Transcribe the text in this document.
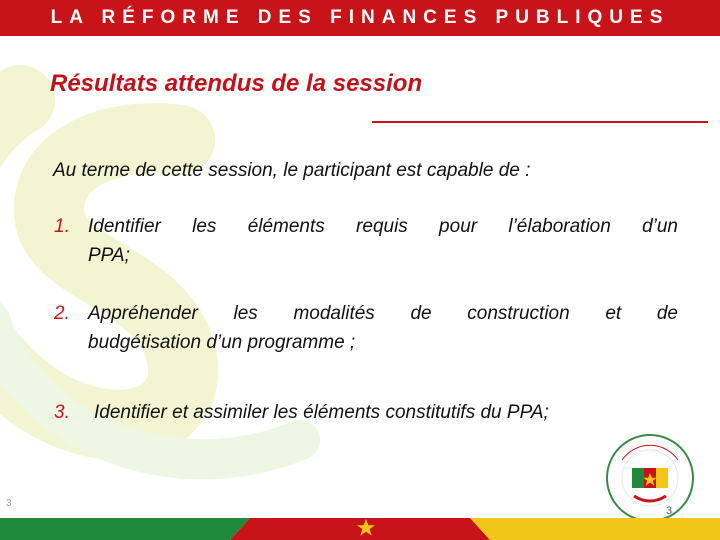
LA RÉFORME DES FINANCES PUBLIQUES
Résultats attendus de la session
Au terme de cette session, le participant est capable de :
1. Identifier les éléments requis pour l’élaboration d’un
PPA;
2. Appréhender les modalités de construction et de
budgétisation d’un programme ;
3.	Identifier et assimiler les éléments constitutifs du PPA;
3
3
